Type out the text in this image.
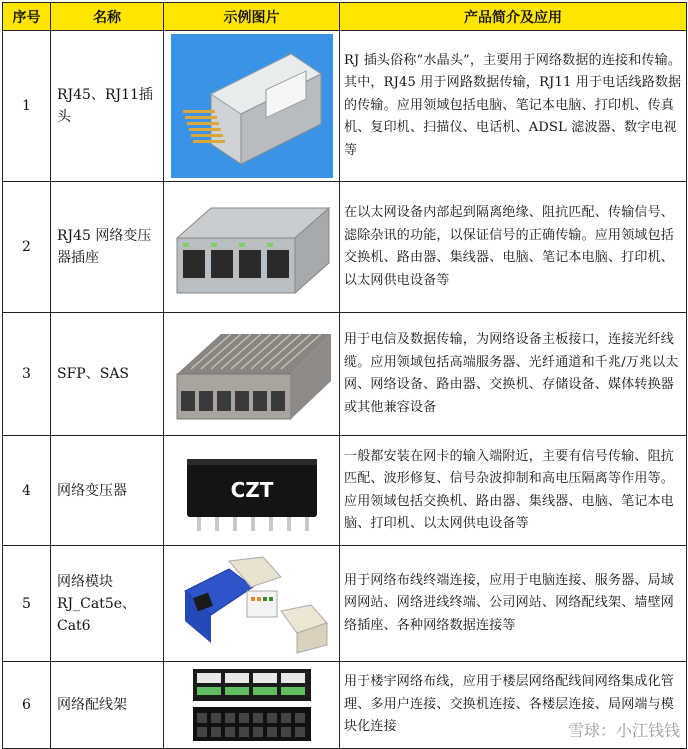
序号	名称	示例图片	产品简介及应用
1	RJ45、RJ11插头		RJ 插头俗称“水晶头”，主要用于网络数据的连接和传输。其中，RJ45 用于网路数据传输，RJ11 用于电话线路数据的传输。应用领域包括电脑、笔记本电脑、打印机、传真机、复印机、扫描仪、电话机、ADSL 滤波器、数字电视等
2	RJ45 网络变压器插座		在以太网设备内部起到隔离绝缘、阻抗匹配、传输信号、滤除杂讯的功能，以保证信号的正确传输。应用领域包括交换机、路由器、集线器、电脑、笔记本电脑、打印机、以太网供电设备等
3	SFP、SAS		用于电信及数据传输，为网络设备主板接口，连接光纤线缆。应用领域包括高端服务器、光纤通道和千兆/万兆以太网、网络设备、路由器、交换机、存储设备、媒体转换器或其他兼容设备
4	网络变压器	CZT	一般都安装在网卡的输入端附近，主要有信号传输、阻抗匹配、波形修复、信号杂波抑制和高电压隔离等作用等。应用领域包括交换机、路由器、集线器、电脑、笔记本电脑、打印机、以太网供电设备等
5	网络模块 RJ_Cat5e、Cat6		用于网络布线终端连接，应用于电脑连接、服务器、局域网网站、网络进线终端、公司网站、网络配线架、墙壁网络插座、各种网络数据连接等
6	网络配线架		用于楼宇网络布线，应用于楼层网络配线间网络集成化管理、多用户连接、交换机连接、各楼层连接、局网端与模块化连接	雪球：小江钱钱
